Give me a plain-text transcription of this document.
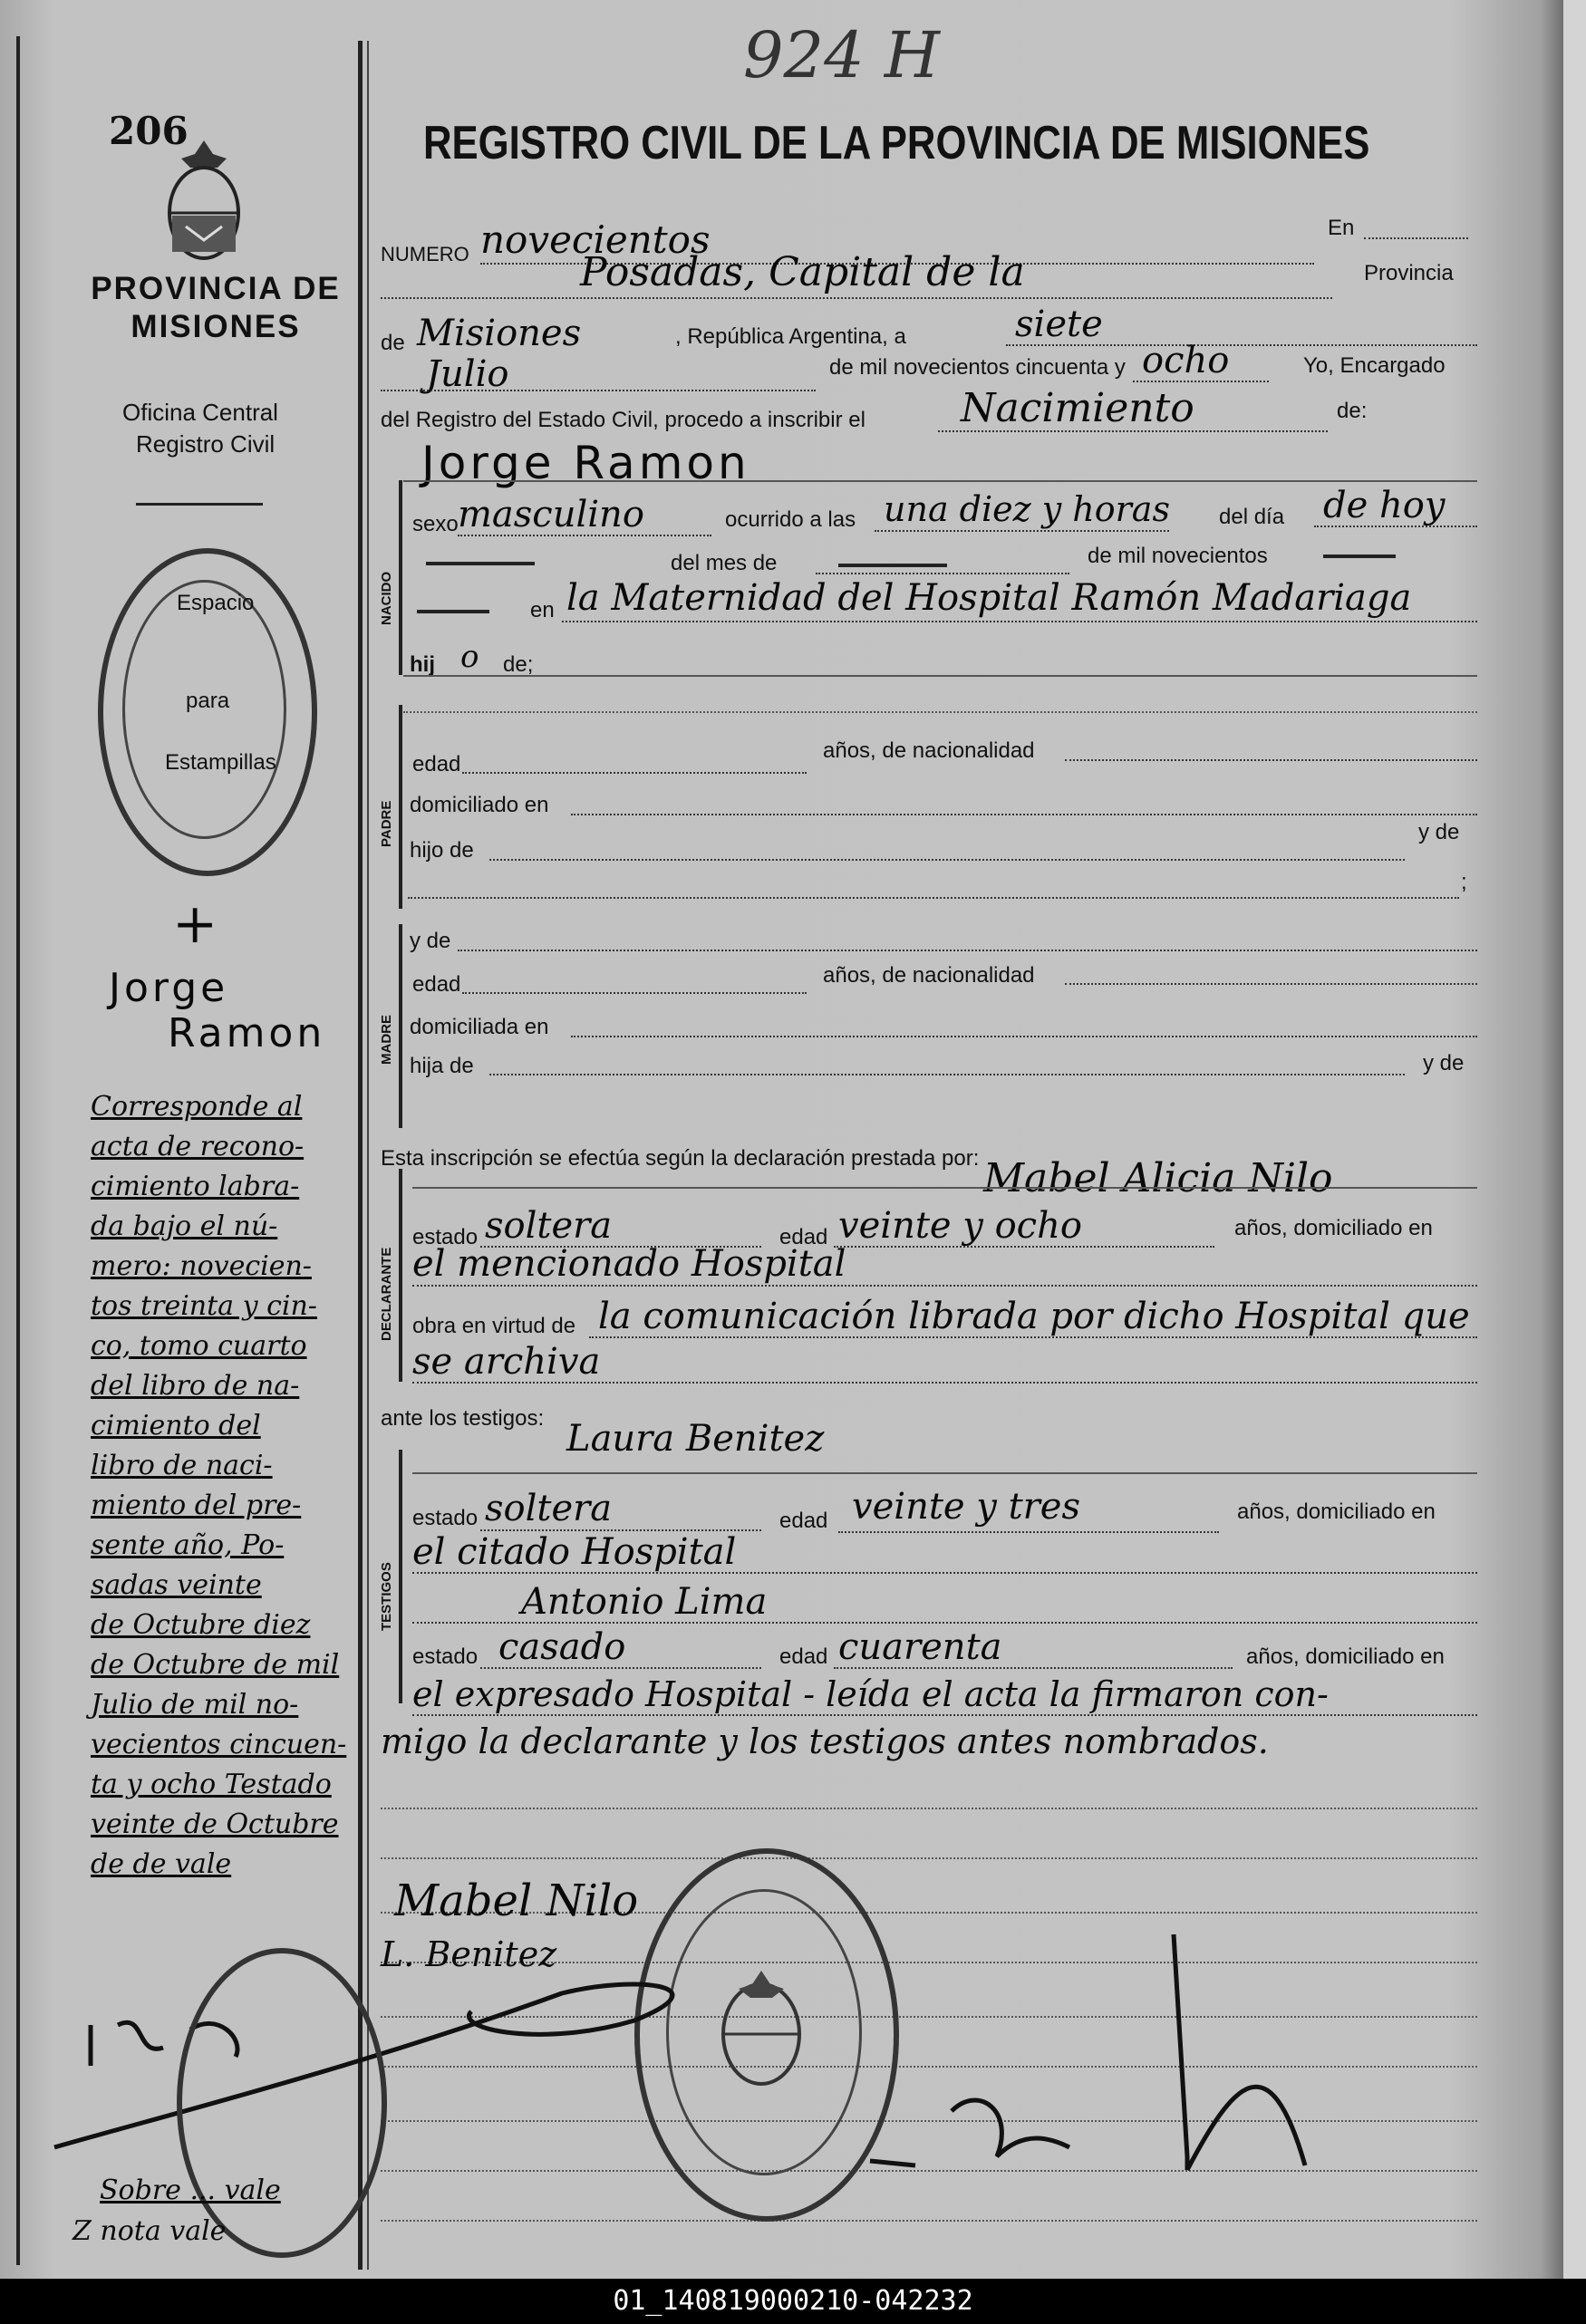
924 H
206
PROVINCIA DE MISIONES
Oficina Central
Registro Civil
Espacio
para
Estampillas
REGISTRO CIVIL DE LA PROVINCIA DE MISIONES
NUMERO novecientos	En
Posadas, Capital de la	Provincia
de Misiones	, República Argentina, a	siete
Julio	de mil novecientos cincuenta y ocho	Yo, Encargado
del Registro del Estado Civil, procedo a inscribir el Nacimiento	de:
Jorge Ramon
NACIDO
sexo masculino	ocurrido a las una diez y horas del día de hoy
del mes de	de mil novecientos
en la Maternidad del Hospital Ramón Madariaga
hij o de;
PADRE
edad
años, de nacionalidad
domiciliado en
hijo de
y de
;
MADRE
y de
edad	años, de nacionalidad
domiciliada en
hija de	y de
Esta inscripción se efectúa según la declaración prestada por: Mabel Alicia Nilo
DECLARANTE
estado soltera	edad veinte y ocho	años, domiciliado en
el mencionado Hospital
obra en virtud de la comunicación librada por dicho Hospital que
se archiva
ante los testigos: Laura Benitez
TESTIGOS
estado soltera	edad veinte y tres	años, domiciliado en
el citado Hospital
Antonio Lima
estado casado	edad cuarenta	años, domiciliado en
el expresado Hospital - leída el acta la firmaron con-
migo la declarante y los testigos antes nombrados.
Mabel Nilo
L. Benitez
+
Jorge
Ramon
Corresponde al
acta de recono-
cimiento labra-
da bajo el nú-
mero: novecien-
tos treinta y cin-
co, tomo cuarto
del libro de na-
cimiento del
libro de naci-
miento del pre-
sente año, Po-
sadas veinte
de Octubre diez
de Octubre de mil
Julio de mil no-
vecientos cincuen-
ta y ocho Testado
veinte de Octubre
de de vale
Sobre ... vale
Z nota vale
01_140819000210-042232
